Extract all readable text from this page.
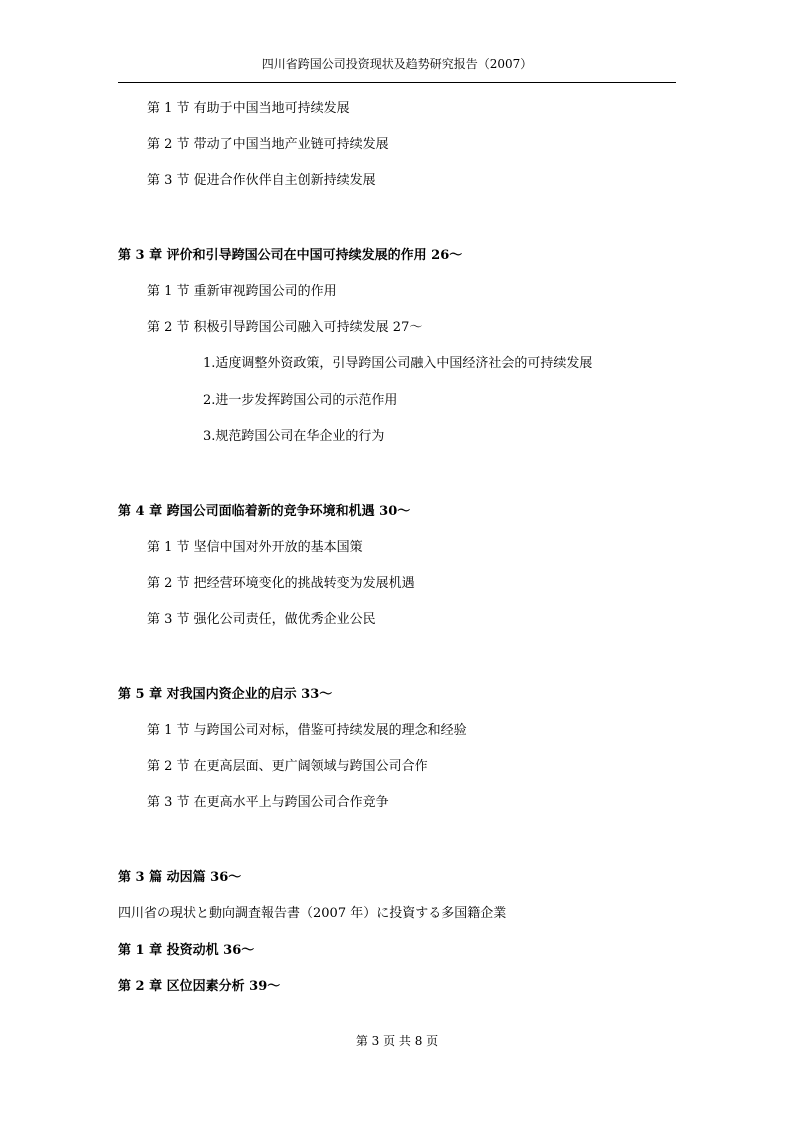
四川省跨国公司投资现状及趋势研究报告（2007）
第 1 节 有助于中国当地可持续发展
第 2 节 带动了中国当地产业链可持续发展
第 3 节 促进合作伙伴自主创新持续发展
第 3 章 评价和引导跨国公司在中国可持续发展的作用 26～
第 1 节 重新审视跨国公司的作用
第 2 节 积极引导跨国公司融入可持续发展 27～
1.适度调整外资政策，引导跨国公司融入中国经济社会的可持续发展
2.进一步发挥跨国公司的示范作用
3.规范跨国公司在华企业的行为
第 4 章 跨国公司面临着新的竞争环境和机遇 30～
第 1 节 坚信中国对外开放的基本国策
第 2 节 把经营环境变化的挑战转变为发展机遇
第 3 节 强化公司责任，做优秀企业公民
第 5 章 对我国内资企业的启示 33～
第 1 节 与跨国公司对标，借鉴可持续发展的理念和经验
第 2 节 在更高层面、更广阔领域与跨国公司合作
第 3 节 在更高水平上与跨国公司合作竞争
第 3 篇 动因篇 36～
四川省の現状と動向調査報告書（2007 年）に投資する多国籍企業
第 1 章 投资动机 36～
第 2 章 区位因素分析 39～
第 3 页 共 8 页
